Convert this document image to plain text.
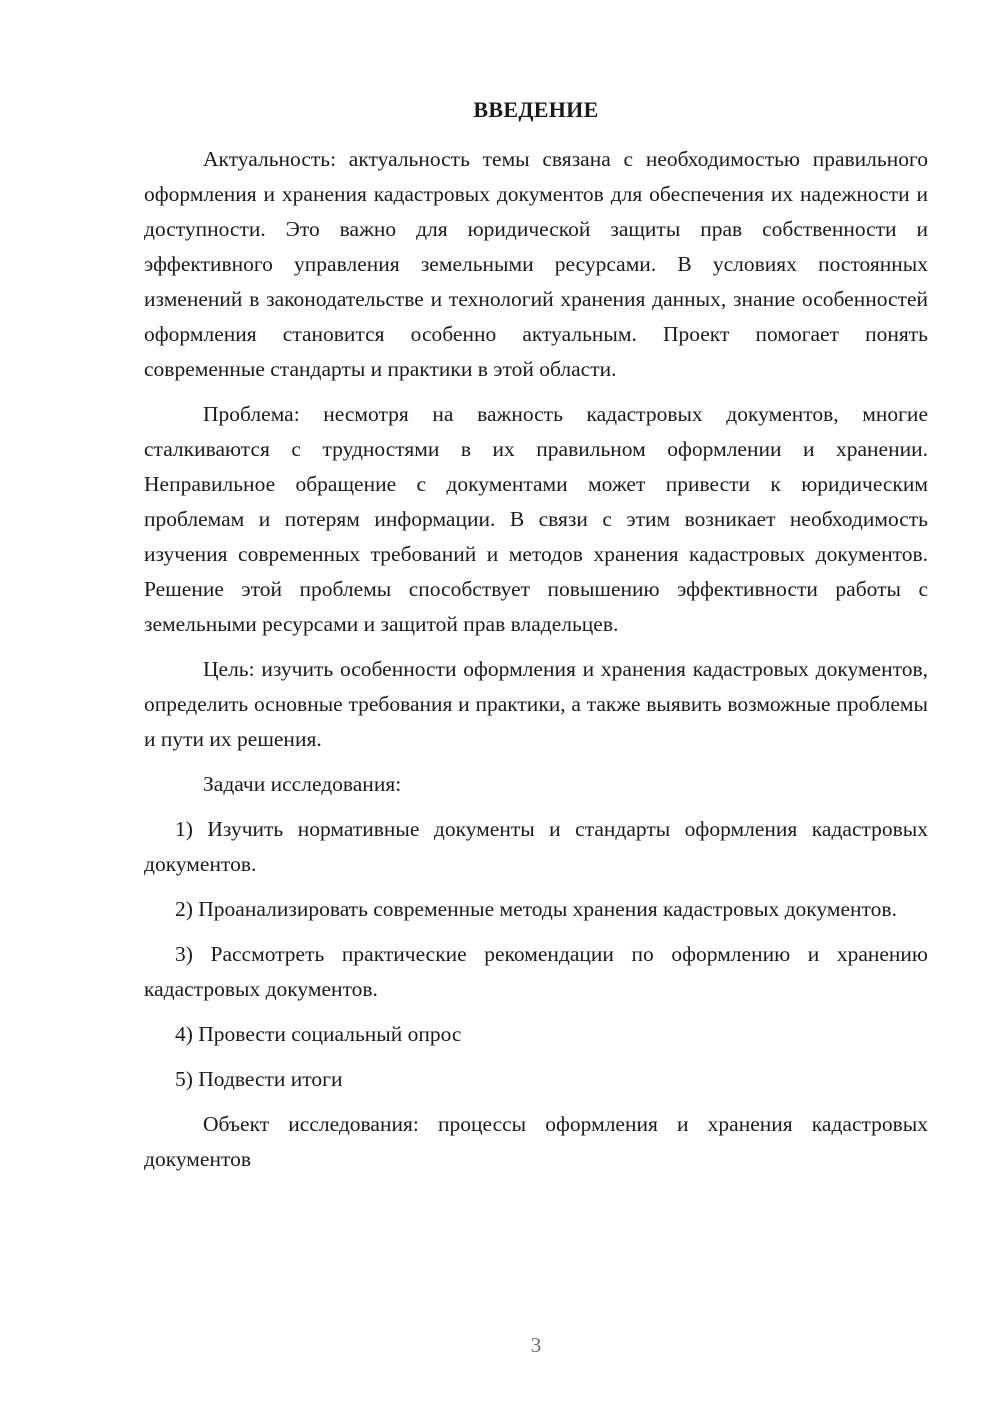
ВВЕДЕНИЕ

Актуальность: актуальность темы связана с необходимостью правильного оформления и хранения кадастровых документов для обеспечения их надежности и доступности. Это важно для юридической защиты прав собственности и эффективного управления земельными ресурсами. В условиях постоянных изменений в законодательстве и технологий хранения данных, знание особенностей оформления становится особенно актуальным. Проект помогает понять современные стандарты и практики в этой области.

Проблема: несмотря на важность кадастровых документов, многие сталкиваются с трудностями в их правильном оформлении и хранении. Неправильное обращение с документами может привести к юридическим проблемам и потерям информации. В связи с этим возникает необходимость изучения современных требований и методов хранения кадастровых документов. Решение этой проблемы способствует повышению эффективности работы с земельными ресурсами и защитой прав владельцев.

Цель: изучить особенности оформления и хранения кадастровых документов, определить основные требования и практики, а также выявить возможные проблемы и пути их решения.

Задачи исследования:

1) Изучить нормативные документы и стандарты оформления кадастровых документов.

2) Проанализировать современные методы хранения кадастровых документов.

3) Рассмотреть практические рекомендации по оформлению и хранению кадастровых документов.

4) Провести социальный опрос

5) Подвести итоги

Объект исследования: процессы оформления и хранения кадастровых документов

3
